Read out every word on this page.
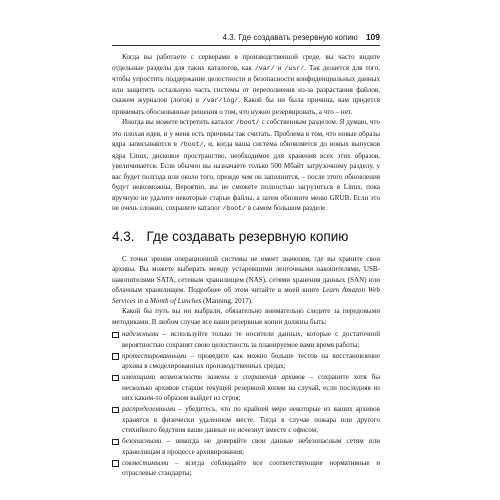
4.3. Где создавать резервную копию 109

Когда вы работаете с серверами в производственной среде, вы часто видите отдельные разделы для таких каталогов, как /var/ и /usr/. Так делается для того, чтобы упростить поддержание целостности и безопасности конфиденциальных данных или защитить остальную часть системы от переполнения из-за разрастания файлов, скажем журналов (логов) в /var/log/. Какой бы ни была причина, вам придется принимать обоснованные решения о том, что нужно резервировать, а что – нет.

Иногда вы можете встретить каталог /boot/ с собственным разделом. Я думаю, что это плохая идея, и у меня есть причины так считать. Проблема в том, что новые образы ядра записываются в /boot/, и, когда ваша система обновляется до новых выпусков ядра Linux, дисковое пространство, необходимое для хранения всех этих образов, увеличивается. Если обычно вы назначаете только 500 Мбайт загрузочному разделу, у вас будет полгода или около того, прежде чем он заполнится, – после этого обновления будут невозможны. Вероятно, вы не сможете полностью загрузиться в Linux, пока вручную не удалите некоторые старые файлы, а затем обновите меню GRUB. Если это не очень сложно, сохраните каталог /boot/ в самом большом разделе.

4.3. Где создавать резервную копию

С точки зрения операционной системы не имеет значения, где вы храните свои архивы. Вы можете выбирать между устаревшими ленточными накопителями, USB-накопителями SATA, сетевым хранилищем (NAS), сетями хранения данных (SAN) или облачным хранилищем. Подробнее об этом читайте в моей книге Learn Amazon Web Services in a Month of Lunches (Manning, 2017).

Какой бы путь вы ни выбрали, обязательно внимательно следите за передовыми методиками. В любом случае все ваши резервные копии должны быть:

надежными – используйте только те носители данных, которые с достаточной вероятностью сохранят свою целостность за планируемое вами время работы;
протестированными – проведите как можно больше тестов на восстановление архива в смоделированных производственных средах;
имеющими возможность замены и сохранения архивов – сохраните хотя бы несколько архивов старше текущей резервной копии на случай, если последняя из них каким-то образом выйдет из строя;
распределенными – убедитесь, что по крайней мере некоторые из ваших архивов хранятся в физически удаленном месте. Тогда в случае пожара или другого стихийного бедствия ваши данные не исчезнут вместе с офисом;
безопасными – никогда не доверяйте свои данные небезопасным сетям или хранилищам в процессе архивирования;
совместимыми – всегда соблюдайте все соответствующие нормативные и отраслевые стандарты;
